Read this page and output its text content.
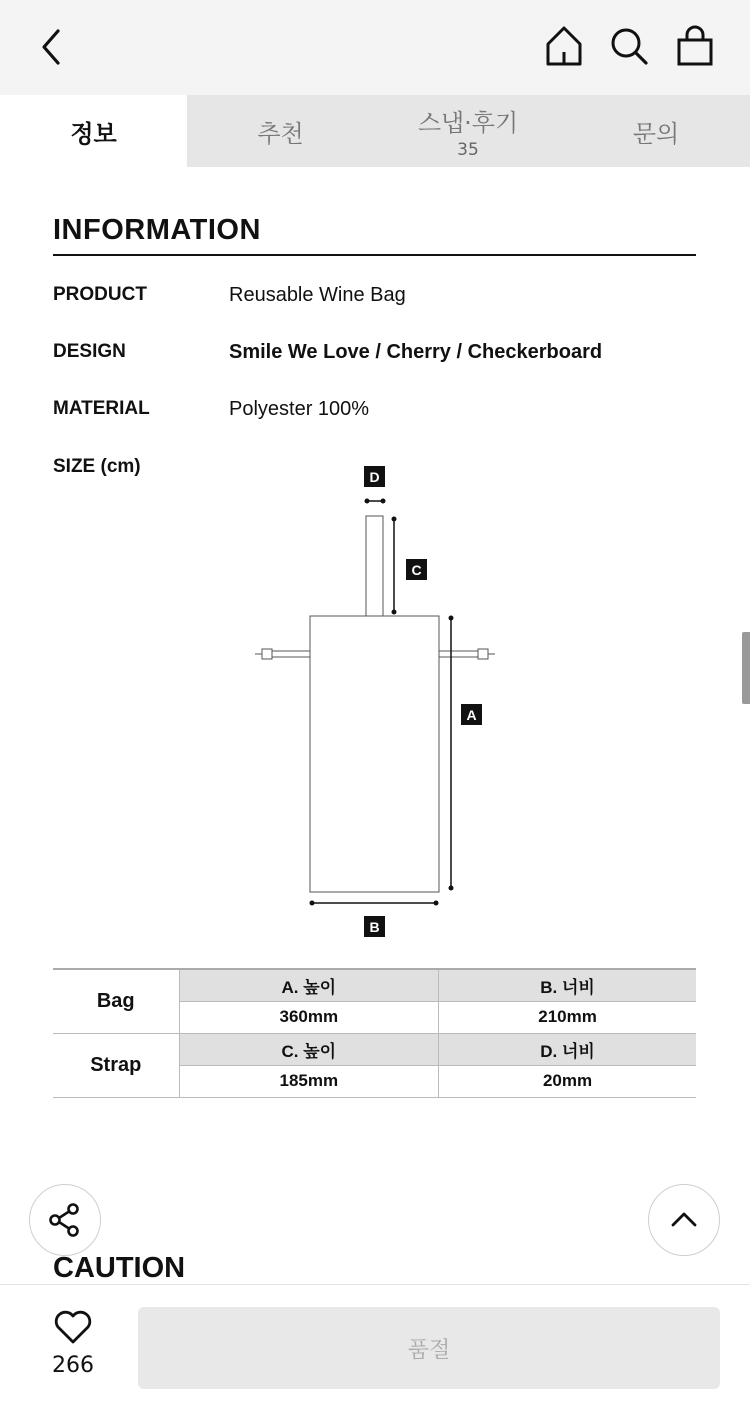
정보	추천	스냅·후기
35
문의
INFORMATION
PRODUCT	Reusable Wine Bag
DESIGN	Smile We Love / Cherry / Checkerboard
MATERIAL	Polyester 100%
SIZE (cm)	D
C
A
B
Bag	A. 높이	B. 너비
	360mm	210mm
Strap	C. 높이	D. 너비
	185mm	20mm
CAUTION
266
품절
